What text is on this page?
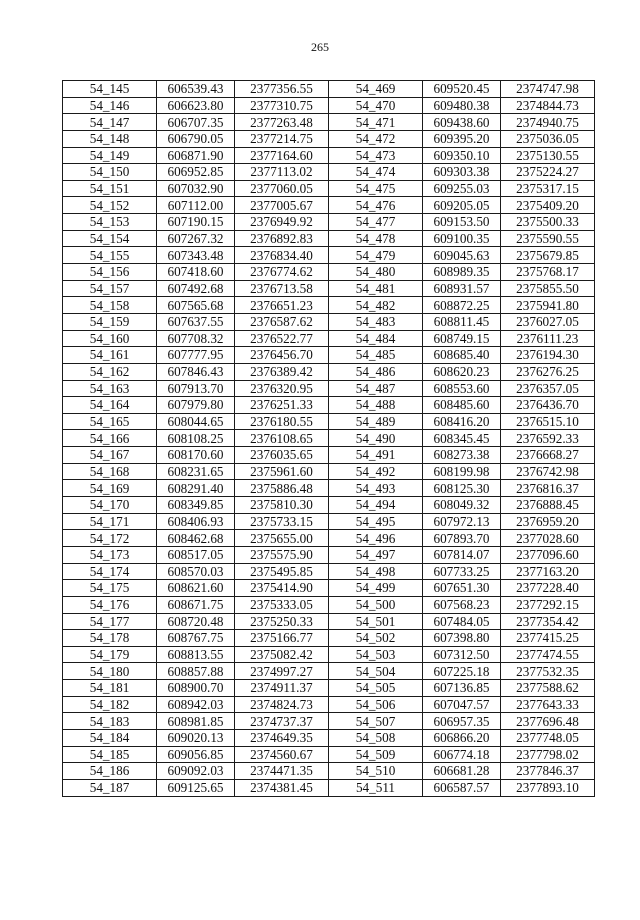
265
54_145	606539.43	2377356.55	54_469	609520.45	2374747.98
54_146	606623.80	2377310.75	54_470	609480.38	2374844.73
54_147	606707.35	2377263.48	54_471	609438.60	2374940.75
54_148	606790.05	2377214.75	54_472	609395.20	2375036.05
54_149	606871.90	2377164.60	54_473	609350.10	2375130.55
54_150	606952.85	2377113.02	54_474	609303.38	2375224.27
54_151	607032.90	2377060.05	54_475	609255.03	2375317.15
54_152	607112.00	2377005.67	54_476	609205.05	2375409.20
54_153	607190.15	2376949.92	54_477	609153.50	2375500.33
54_154	607267.32	2376892.83	54_478	609100.35	2375590.55
54_155	607343.48	2376834.40	54_479	609045.63	2375679.85
54_156	607418.60	2376774.62	54_480	608989.35	2375768.17
54_157	607492.68	2376713.58	54_481	608931.57	2375855.50
54_158	607565.68	2376651.23	54_482	608872.25	2375941.80
54_159	607637.55	2376587.62	54_483	608811.45	2376027.05
54_160	607708.32	2376522.77	54_484	608749.15	2376111.23
54_161	607777.95	2376456.70	54_485	608685.40	2376194.30
54_162	607846.43	2376389.42	54_486	608620.23	2376276.25
54_163	607913.70	2376320.95	54_487	608553.60	2376357.05
54_164	607979.80	2376251.33	54_488	608485.60	2376436.70
54_165	608044.65	2376180.55	54_489	608416.20	2376515.10
54_166	608108.25	2376108.65	54_490	608345.45	2376592.33
54_167	608170.60	2376035.65	54_491	608273.38	2376668.27
54_168	608231.65	2375961.60	54_492	608199.98	2376742.98
54_169	608291.40	2375886.48	54_493	608125.30	2376816.37
54_170	608349.85	2375810.30	54_494	608049.32	2376888.45
54_171	608406.93	2375733.15	54_495	607972.13	2376959.20
54_172	608462.68	2375655.00	54_496	607893.70	2377028.60
54_173	608517.05	2375575.90	54_497	607814.07	2377096.60
54_174	608570.03	2375495.85	54_498	607733.25	2377163.20
54_175	608621.60	2375414.90	54_499	607651.30	2377228.40
54_176	608671.75	2375333.05	54_500	607568.23	2377292.15
54_177	608720.48	2375250.33	54_501	607484.05	2377354.42
54_178	608767.75	2375166.77	54_502	607398.80	2377415.25
54_179	608813.55	2375082.42	54_503	607312.50	2377474.55
54_180	608857.88	2374997.27	54_504	607225.18	2377532.35
54_181	608900.70	2374911.37	54_505	607136.85	2377588.62
54_182	608942.03	2374824.73	54_506	607047.57	2377643.33
54_183	608981.85	2374737.37	54_507	606957.35	2377696.48
54_184	609020.13	2374649.35	54_508	606866.20	2377748.05
54_185	609056.85	2374560.67	54_509	606774.18	2377798.02
54_186	609092.03	2374471.35	54_510	606681.28	2377846.37
54_187	609125.65	2374381.45	54_511	606587.57	2377893.10
